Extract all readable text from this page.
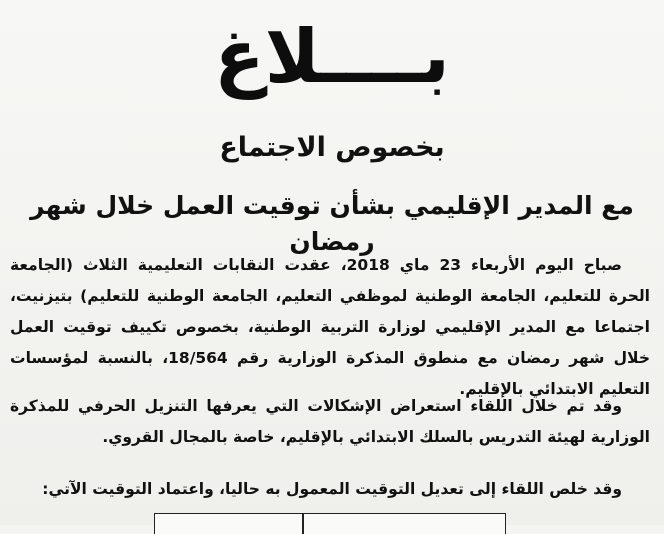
بــــلاغ
بخصوص الاجتماع
مع المدير الإقليمي بشأن توقيت العمل خلال شهر رمضان
صباح اليوم الأربعاء 23 ماي 2018، عقدت النقابات التعليمية الثلاث (الجامعة الحرة للتعليم، الجامعة الوطنية لموظفي التعليم، الجامعة الوطنية للتعليم) بتيزنيت، اجتماعا مع المدير الإقليمي لوزارة التربية الوطنية، بخصوص تكييف توقيت العمل خلال شهر رمضان مع منطوق المذكرة الوزارية رقم 18/564، بالنسبة لمؤسسات التعليم الابتدائي بالإقليم.
وقد تم خلال اللقاء استعراض الإشكالات التي يعرفها التنزيل الحرفي للمذكرة الوزارية لهيئة التدريس بالسلك الابتدائي بالإقليم، خاصة بالمجال القروي.
وقد خلص اللقاء إلى تعديل التوقيت المعمول به حاليا، واعتماد التوقيت الآتي:
